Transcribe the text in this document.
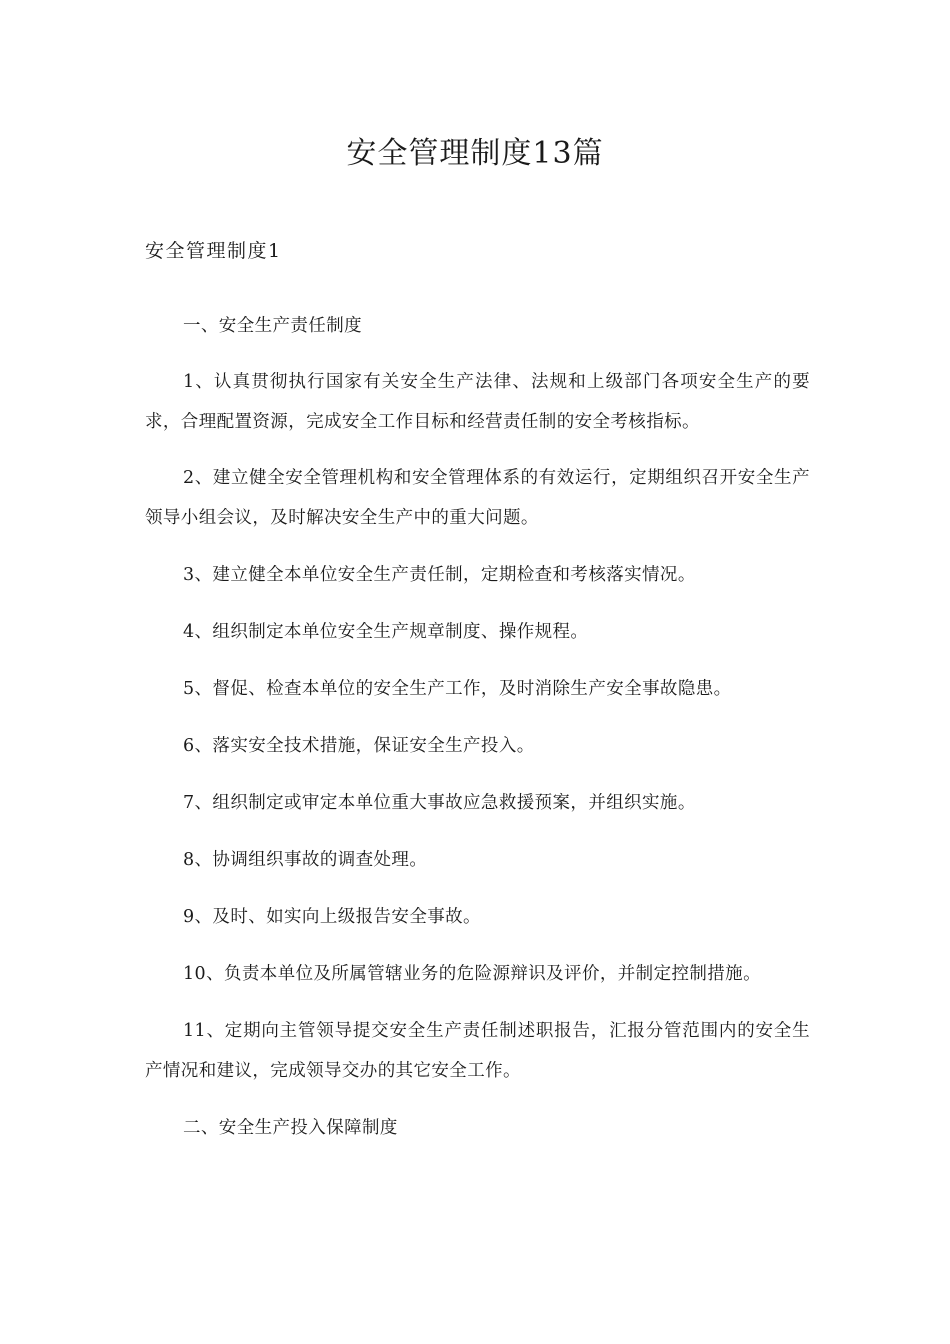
安全管理制度13篇
安全管理制度1

一、安全生产责任制度

1、认真贯彻执行国家有关安全生产法律、法规和上级部门各项安全生产的要求，合理配置资源，完成安全工作目标和经营责任制的安全考核指标。

2、建立健全安全管理机构和安全管理体系的有效运行，定期组织召开安全生产领导小组会议，及时解决安全生产中的重大问题。

3、建立健全本单位安全生产责任制，定期检查和考核落实情况。

4、组织制定本单位安全生产规章制度、操作规程。

5、督促、检查本单位的安全生产工作，及时消除生产安全事故隐患。

6、落实安全技术措施，保证安全生产投入。

7、组织制定或审定本单位重大事故应急救援预案，并组织实施。

8、协调组织事故的调查处理。

9、及时、如实向上级报告安全事故。

10、负责本单位及所属管辖业务的危险源辩识及评价，并制定控制措施。

11、定期向主管领导提交安全生产责任制述职报告，汇报分管范围内的安全生产情况和建议，完成领导交办的其它安全工作。

二、安全生产投入保障制度
